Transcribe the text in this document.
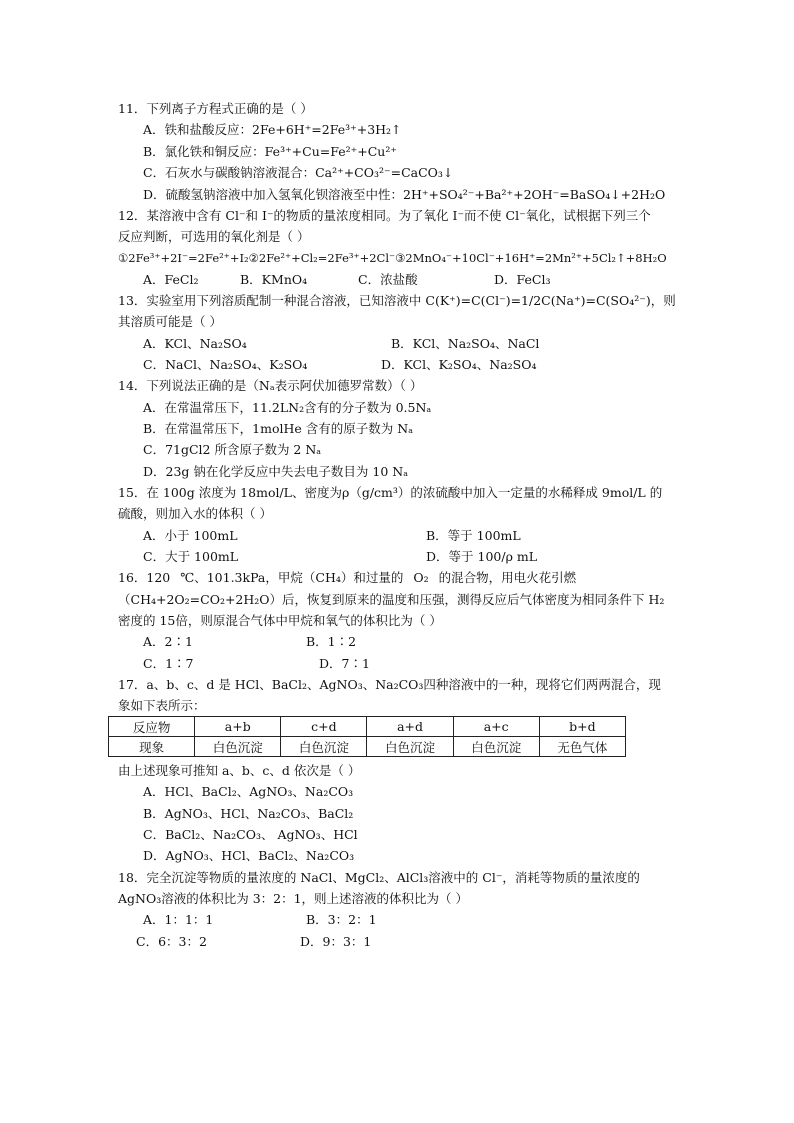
11．下列离子方程式正确的是（ ）
A．铁和盐酸反应：2Fe+6H⁺=2Fe³⁺+3H₂↑
B．氯化铁和铜反应：Fe³⁺+Cu=Fe²⁺+Cu²⁺
C．石灰水与碳酸钠溶液混合：Ca²⁺+CO₃²⁻=CaCO₃↓
D．硫酸氢钠溶液中加入氢氧化钡溶液至中性：2H⁺+SO₄²⁻+Ba²⁺+2OH⁻=BaSO₄↓+2H₂O
12．某溶液中含有 Cl⁻和 I⁻的物质的量浓度相同。为了氧化 I⁻而不使 Cl⁻氧化，试根据下列三个
反应判断，可选用的氧化剂是（ ）
①2Fe³⁺+2I⁻=2Fe²⁺+I₂②2Fe²⁺+Cl₂=2Fe³⁺+2Cl⁻③2MnO₄⁻+10Cl⁻+16H⁺=2Mn²⁺+5Cl₂↑+8H₂O
A．FeCl₂	B．KMnO₄	C．浓盐酸	D．FeCl₃
13．实验室用下列溶质配制一种混合溶液，已知溶液中 C(K⁺)=C(Cl⁻)=1/2C(Na⁺)=C(SO₄²⁻)，则
其溶质可能是（ ）
A．KCl、Na₂SO₄	B．KCl、Na₂SO₄、NaCl
C．NaCl、Na₂SO₄、K₂SO₄	D．KCl、K₂SO₄、Na₂SO₄
14．下列说法正确的是（Nₐ表示阿伏加德罗常数）（ ）
A．在常温常压下，11.2LN₂含有的分子数为 0.5Nₐ
B．在常温常压下，1molHe 含有的原子数为 Nₐ
C．71gCl2 所含原子数为 2 Nₐ
D．23g 钠在化学反应中失去电子数目为 10 Nₐ
15．在 100g 浓度为 18mol/L、密度为ρ（g/cm³）的浓硫酸中加入一定量的水稀释成 9mol/L 的
硫酸，则加入水的体积（ ）
A．小于 100mL	B．等于 100mL
C．大于 100mL	D．等于 100/ρ mL
16．120 ℃、101.3kPa，甲烷（CH₄）和过量的 O₂ 的混合物，用电火花引燃
（CH₄+2O₂=CO₂+2H₂O）后，恢复到原来的温度和压强，测得反应后气体密度为相同条件下 H₂
密度的 15倍，则原混合气体中甲烷和氧气的体积比为（ ）
A．2∶1	B．1∶2
C．1∶7	D．7∶1
17．a、b、c、d 是 HCl、BaCl₂、AgNO₃、Na₂CO₃四种溶液中的一种，现将它们两两混合，现
象如下表所示：
反应物	a+b	c+d	a+d	a+c	b+d
现象	白色沉淀	白色沉淀	白色沉淀	白色沉淀	无色气体
由上述现象可推知 a、b、c、d 依次是（ ）
A．HCl、BaCl₂、AgNO₃、Na₂CO₃
B．AgNO₃、HCl、Na₂CO₃、BaCl₂
C．BaCl₂、Na₂CO₃、 AgNO₃、HCl
D．AgNO₃、HCl、BaCl₂、Na₂CO₃
18．完全沉淀等物质的量浓度的 NaCl、MgCl₂、AlCl₃溶液中的 Cl⁻，消耗等物质的量浓度的
AgNO₃溶液的体积比为 3：2：1，则上述溶液的体积比为（ ）
A．1：1：1	B．3：2：1
C．6：3：2	D．9：3：1
